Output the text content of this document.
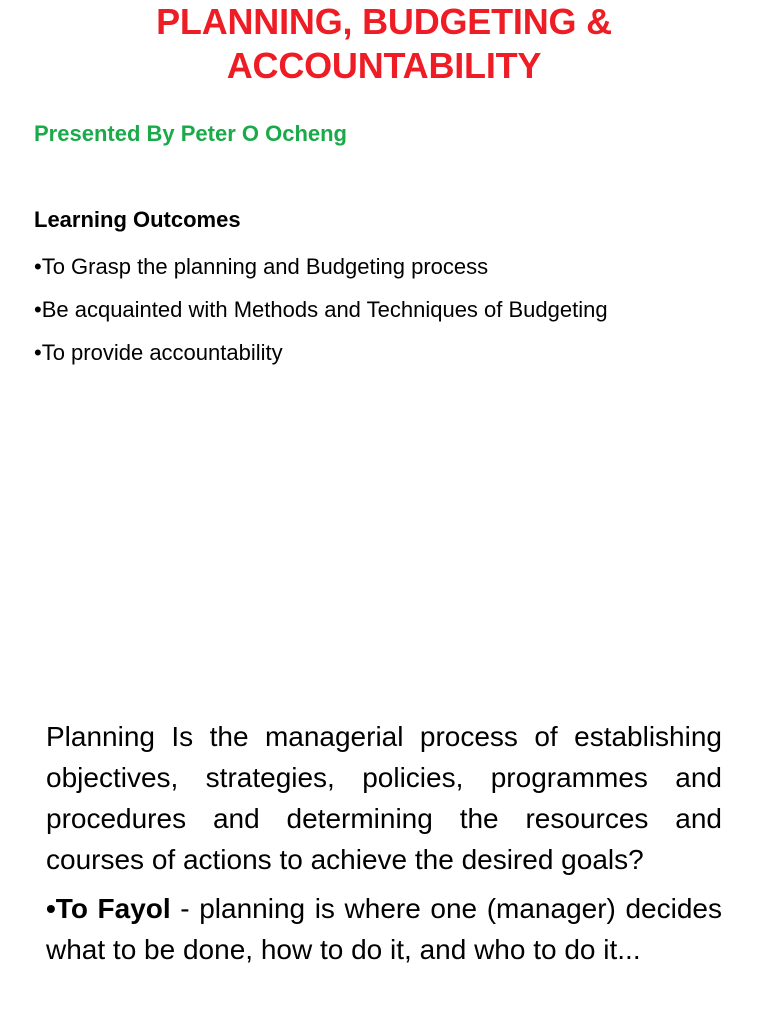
PLANNING, BUDGETING &
ACCOUNTABILITY
Presented By Peter O Ocheng
Learning Outcomes
•To Grasp the planning and Budgeting process
•Be acquainted with Methods and Techniques of Budgeting
•To provide accountability

Planning Is the managerial process of establishing objectives, strategies, policies, programmes and procedures and determining the resources and courses of actions to achieve the desired goals?

•To Fayol - planning is where one (manager) decides what to be done, how to do it, and who to do it...
